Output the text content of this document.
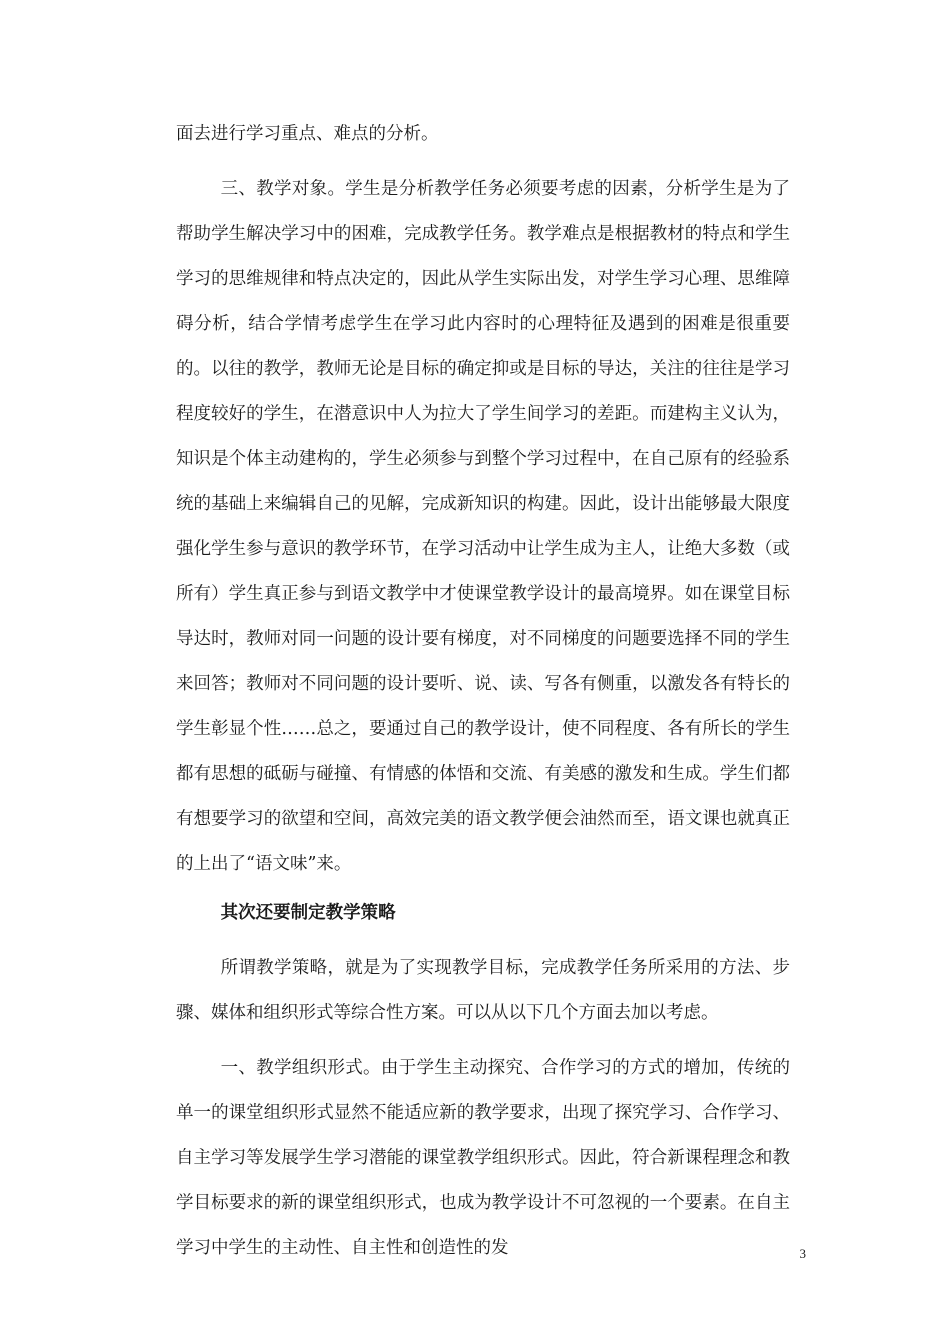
面去进行学习重点、难点的分析。

三、教学对象。学生是分析教学任务必须要考虑的因素，分析学生是为了帮助学生解决学习中的困难，完成教学任务。教学难点是根据教材的特点和学生学习的思维规律和特点决定的，因此从学生实际出发，对学生学习心理、思维障碍分析，结合学情考虑学生在学习此内容时的心理特征及遇到的困难是很重要的。以往的教学，教师无论是目标的确定抑或是目标的导达，关注的往往是学习程度较好的学生，在潜意识中人为拉大了学生间学习的差距。而建构主义认为，知识是个体主动建构的，学生必须参与到整个学习过程中，在自己原有的经验系统的基础上来编辑自己的见解，完成新知识的构建。因此，设计出能够最大限度强化学生参与意识的教学环节，在学习活动中让学生成为主人，让绝大多数（或所有）学生真正参与到语文教学中才使课堂教学设计的最高境界。如在课堂目标导达时，教师对同一问题的设计要有梯度，对不同梯度的问题要选择不同的学生来回答；教师对不同问题的设计要听、说、读、写各有侧重，以激发各有特长的学生彰显个性……总之，要通过自己的教学设计，使不同程度、各有所长的学生都有思想的砥砺与碰撞、有情感的体悟和交流、有美感的激发和生成。学生们都有想要学习的欲望和空间，高效完美的语文教学便会油然而至，语文课也就真正的上出了“语文味”来。

其次还要制定教学策略

所谓教学策略，就是为了实现教学目标，完成教学任务所采用的方法、步骤、媒体和组织形式等综合性方案。可以从以下几个方面去加以考虑。

一、教学组织形式。由于学生主动探究、合作学习的方式的增加，传统的单一的课堂组织形式显然不能适应新的教学要求，出现了探究学习、合作学习、自主学习等发展学生学习潜能的课堂教学组织形式。因此，符合新课程理念和教学目标要求的新的课堂组织形式，也成为教学设计不可忽视的一个要素。在自主学习中学生的主动性、自主性和创造性的发	3
